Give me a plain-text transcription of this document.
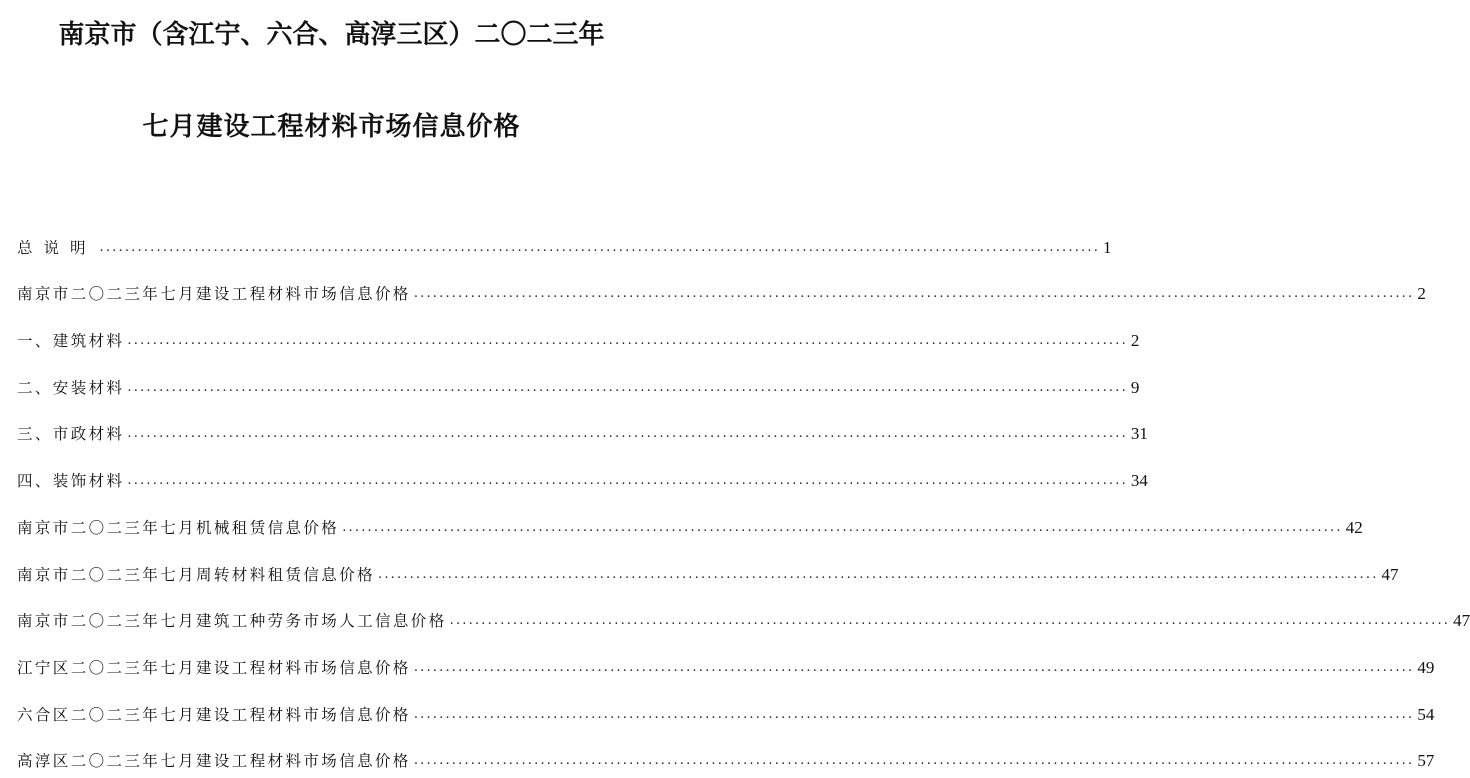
南京市（含江宁、六合、高淳三区）二〇二三年
七月建设工程材料市场信息价格
总说明 .............................................................................................................................................................. 1
南京市二〇二三年七月建设工程材料市场信息价格 .............................................................................................................................................................. 2
一、建筑材料 .............................................................................................................................................................. 2
二、安装材料 .............................................................................................................................................................. 9
三、市政材料 .............................................................................................................................................................. 31
四、装饰材料 .............................................................................................................................................................. 34
南京市二〇二三年七月机械租赁信息价格 .............................................................................................................................................................. 42
南京市二〇二三年七月周转材料租赁信息价格 .............................................................................................................................................................. 47
南京市二〇二三年七月建筑工种劳务市场人工信息价格 .............................................................................................................................................................. 47
江宁区二〇二三年七月建设工程材料市场信息价格 .............................................................................................................................................................. 49
六合区二〇二三年七月建设工程材料市场信息价格 .............................................................................................................................................................. 54
高淳区二〇二三年七月建设工程材料市场信息价格 .............................................................................................................................................................. 57
